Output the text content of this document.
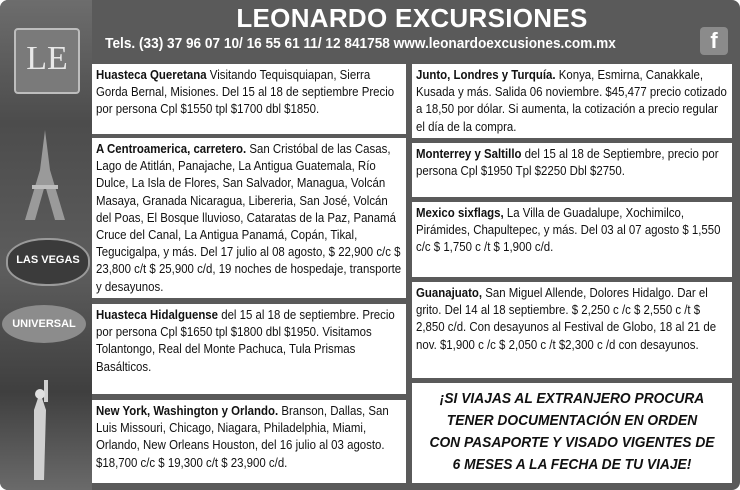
LE
LAS VEGAS
UNIVERSAL
LEONARDO EXCURSIONES
Tels. (33) 37 96 07 10/ 16 55 61 11/ 12 841758 www.leonardoexcusiones.com.mx	f
Huasteca Queretana Visitando Tequisquiapan, Sierra Gorda Bernal, Misiones. Del 15 al 18 de septiembre Precio por persona Cpl $1550 tpl $1700 dbl $1850.
A Centroamerica, carretero. San Cristóbal de las Casas, Lago de Atitlán, Panajache, La Antigua Guatemala, Río Dulce, La Isla de Flores, San Salvador, Managua, Volcán Masaya, Granada Nicaragua, Libereria, San José, Volcán del Poas, El Bosque lluvioso, Cataratas de la Paz, Panamá Cruce del Canal, La Antigua Panamá, Copán, Tikal, Tegucigalpa, y más. Del 17 julio al 08 agosto, $ 22,900 c/c $ 23,800 c/t $ 25,900 c/d, 19 noches de hospedaje, transporte y desayunos.
Huasteca Hidalguense del 15 al 18 de septiembre. Precio por persona Cpl $1650 tpl $1800 dbl $1950. Visitamos Tolantongo, Real del Monte Pachuca, Tula Prismas Basálticos.
New York, Washington y Orlando. Branson, Dallas, San Luis Missouri, Chicago, Niagara, Philadelphia, Miami, Orlando, New Orleans Houston, del 16 julio al 03 agosto. $18,700 c/c $ 19,300 c/t $ 23,900 c/d.
Junto, Londres y Turquía. Konya, Esmirna, Canakkale, Kusada y más. Salida 06 noviembre. $45,477 precio cotizado a 18,50 por dólar. Si aumenta, la cotización a precio regular el día de la compra.
Monterrey y Saltillo del 15 al 18 de Septiembre, precio por persona Cpl $1950 Tpl $2250 Dbl $2750.
Mexico sixflags, La Villa de Guadalupe, Xochimilco, Pirámides, Chapultepec, y más. Del 03 al 07 agosto $ 1,550 c/c $ 1,750 c /t $ 1,900 c/d.
Guanajuato, San Miguel Allende, Dolores Hidalgo. Dar el grito. Del 14 al 18 septiembre. $ 2,250 c /c $ 2,550 c /t $ 2,850 c/d. Con desayunos al Festival de Globo, 18 al 21 de nov. $1,900 c /c $ 2,050 c /t $2,300 c /d con desayunos.
¡SI VIAJAS AL EXTRANJERO PROCURA
TENER DOCUMENTACIÓN EN ORDEN
CON PASAPORTE Y VISADO VIGENTES DE
6 MESES A LA FECHA DE TU VIAJE!
